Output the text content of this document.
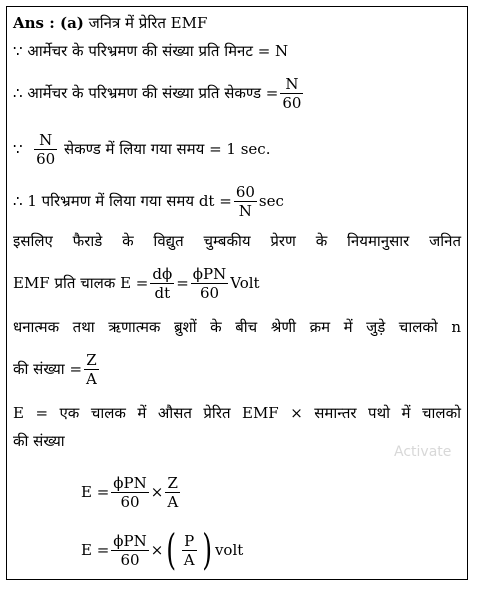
Ans : (a) जनित्र में प्रेरित EMF
∵ आर्मेचर के परिभ्रमण की संख्या प्रति मिनट = N
∴
आर्मेचर के परिभ्रमण की संख्या प्रति सेकण्ड = $\frac{N}{60}$
∵
$\frac{N}{60}$
सेकण्ड में लिया गया समय = 1 sec.
∴
1 परिभ्रमण में लिया गया समय dt = $\frac{60}{N}$ sec
इसलिए फैराडे के विद्युत चुम्बकीय प्रेरण के नियमानुसार जनित
EMF प्रति चालक $E = \frac{d\phi}{dt} = \frac{\text{ϕPN}}{60}$ Volt
धनात्मक तथा ऋणात्मक ब्रुशों के बीच श्रेणी क्रम में जुड़े चालको n
की संख्या = $\frac{Z}{A}$
E = एक चालक में औसत प्रेरित EMF × समान्तर पथो में चालको
की संख्या
$E = \frac{\text{ϕPN}}{60} \times \frac{Z}{A}$
$E = \frac{\text{ϕPN}}{60}$ × ( $\frac{P}{A}$ ) volt
Activate
